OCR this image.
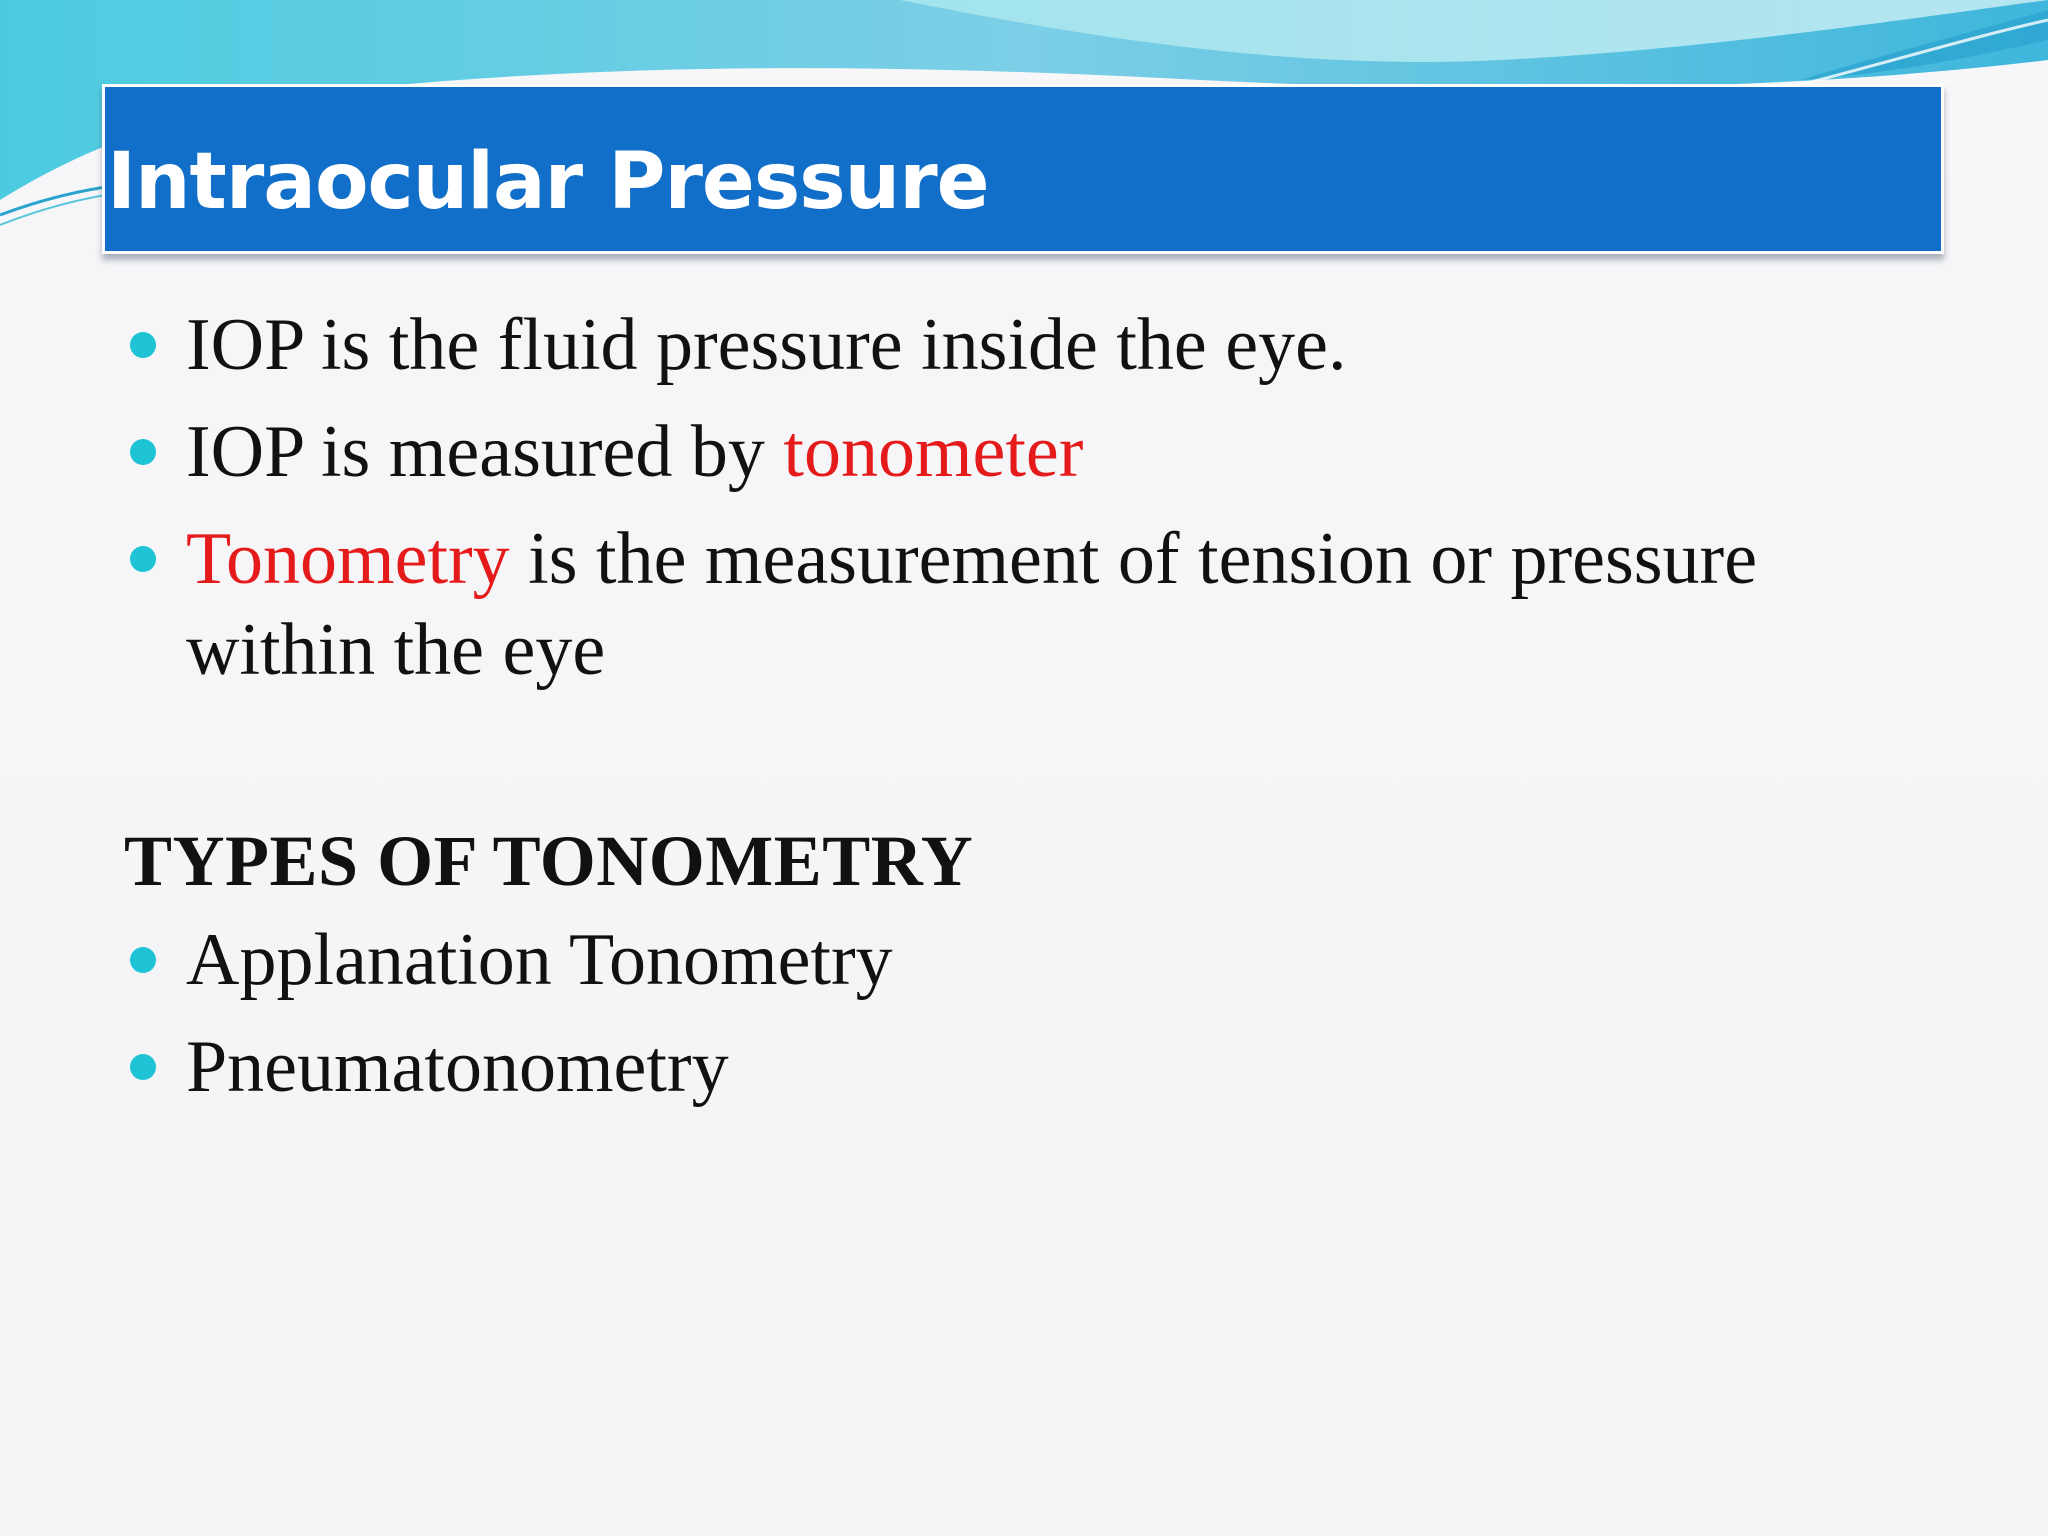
Intraocular Pressure
IOP is the fluid pressure inside the eye.
IOP is measured by tonometer
Tonometry is the measurement of tension or pressure within the eye
TYPES OF TONOMETRY
Applanation Tonometry
Pneumatonometry
